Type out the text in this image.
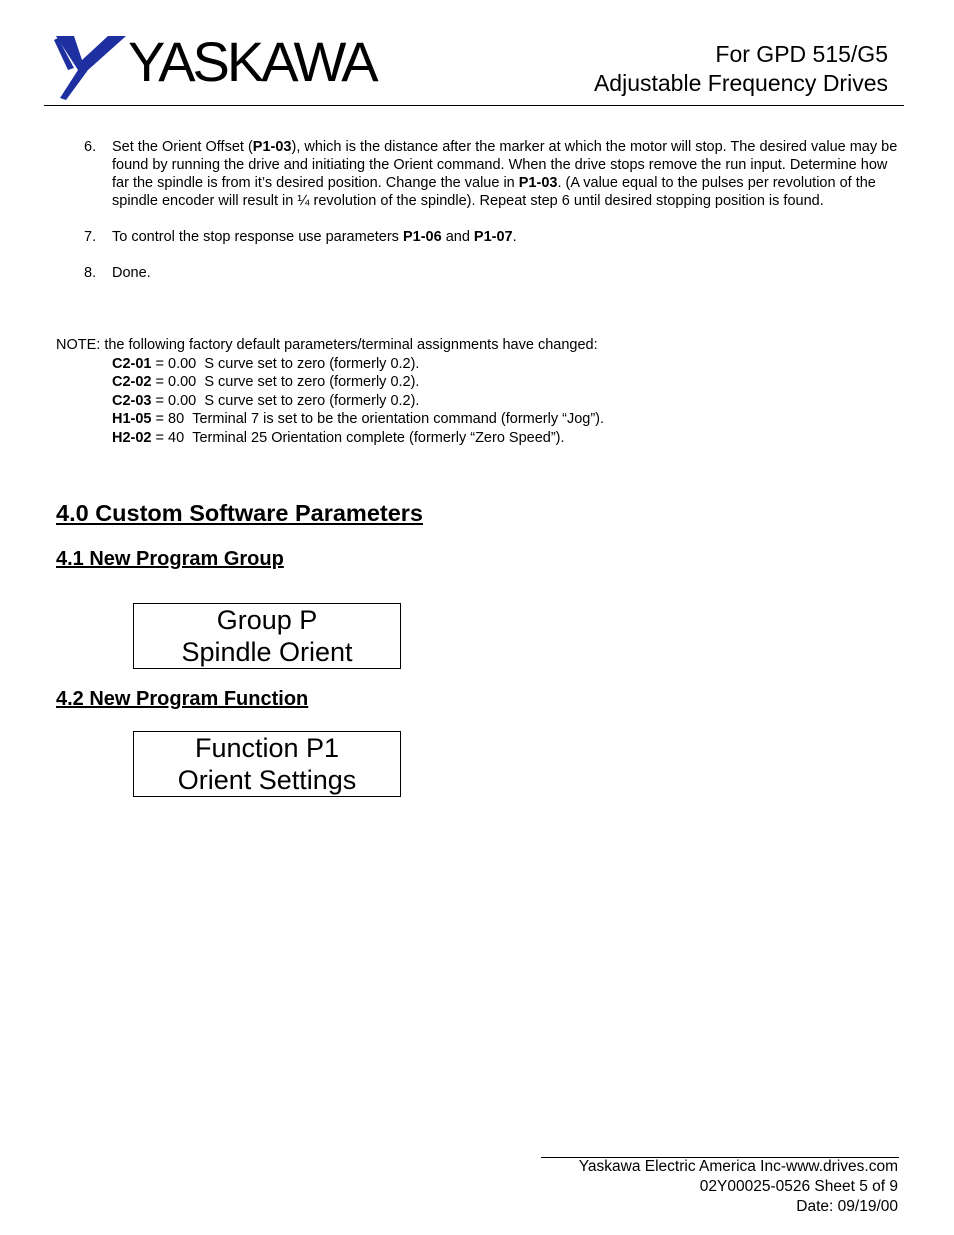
YASKAWA	For GPD 515/G5
Adjustable Frequency Drives
6. Set the Orient Offset (P1-03), which is the distance after the marker at which the motor will stop. The desired value may be found by running the drive and initiating the Orient command. When the drive stops remove the run input. Determine how far the spindle is from it’s desired position. Change the value in P1-03. (A value equal to the pulses per revolution of the spindle encoder will result in ¼ revolution of the spindle). Repeat step 6 until desired stopping position is found.
7. To control the stop response use parameters P1-06 and P1-07.
8. Done.
NOTE: the following factory default parameters/terminal assignments have changed:
C2-01 = 0.00 S curve set to zero (formerly 0.2).
C2-02 = 0.00 S curve set to zero (formerly 0.2).
C2-03 = 0.00 S curve set to zero (formerly 0.2).
H1-05 = 80 Terminal 7 is set to be the orientation command (formerly “Jog”).
H2-02 = 40 Terminal 25 Orientation complete (formerly “Zero Speed”).
4.0 Custom Software Parameters
4.1 New Program Group
Group P
Spindle Orient
4.2 New Program Function
Function P1
Orient Settings
Yaskawa Electric America Inc-www.drives.com
02Y00025-0526 Sheet 5 of 9
Date: 09/19/00
